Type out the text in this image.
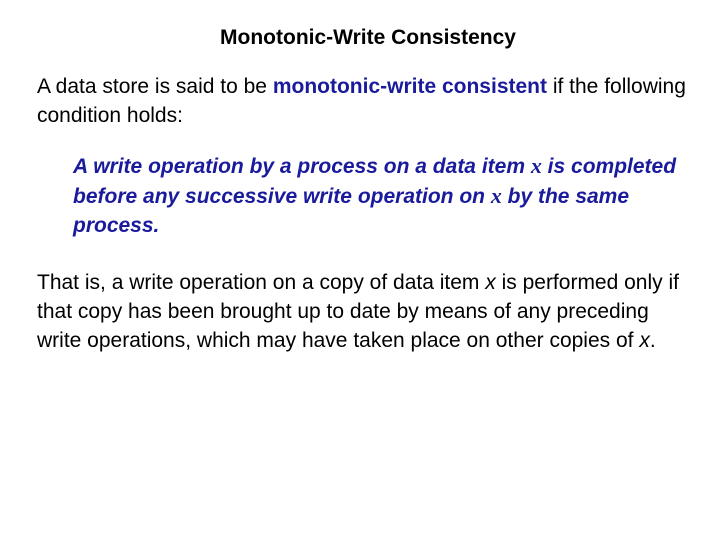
Monotonic-Write Consistency
A data store is said to be monotonic-write consistent if the following condition holds:
A write operation by a process on a data item x is completed before any successive write operation on x by the same process.
That is, a write operation on a copy of data item x is performed only if that copy has been brought up to date by means of any preceding write operations, which may have taken place on other copies of x.
